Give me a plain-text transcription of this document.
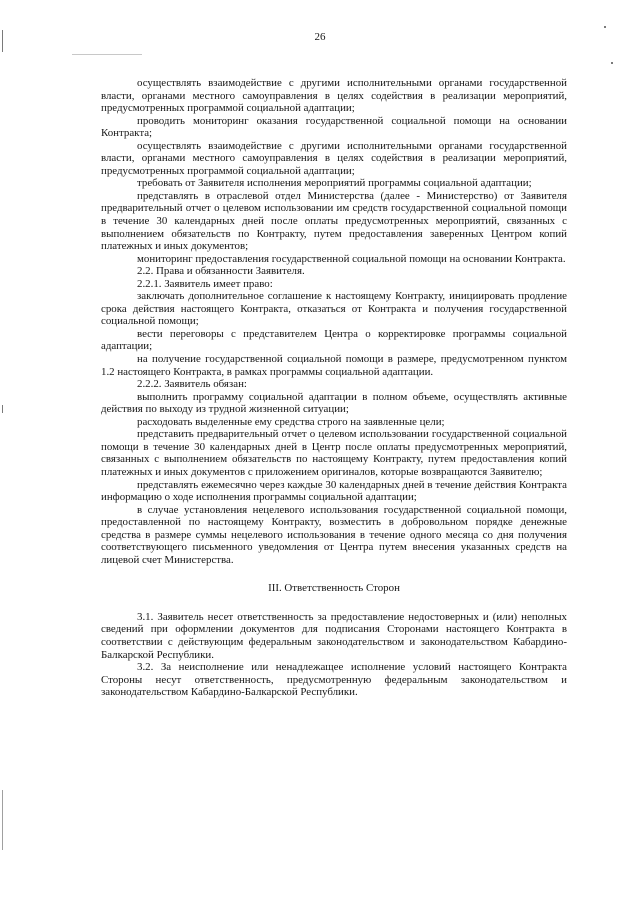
26

осуществлять взаимодействие с другими исполнительными органами государственной власти, органами местного самоуправления в целях содействия в реализации мероприятий, предусмотренных программой социальной адаптации;

проводить мониторинг оказания государственной социальной помощи на основании Контракта;

осуществлять взаимодействие с другими исполнительными органами государственной власти, органами местного самоуправления в целях содействия в реализации мероприятий, предусмотренных программой социальной адаптации;

требовать от Заявителя исполнения мероприятий программы социальной адаптации;

представлять в отраслевой отдел Министерства (далее - Министерство) от Заявителя предварительный отчет о целевом использовании им средств государственной социальной помощи в течение 30 календарных дней после оплаты предусмотренных мероприятий, связанных с выполнением обязательств по Контракту, путем предоставления заверенных Центром копий платежных и иных документов;

мониторинг предоставления государственной социальной помощи на основании Контракта.

2.2. Права и обязанности Заявителя.

2.2.1. Заявитель имеет право:

заключать дополнительное соглашение к настоящему Контракту, инициировать продление срока действия настоящего Контракта, отказаться от Контракта и получения государственной социальной помощи;

вести переговоры с представителем Центра о корректировке программы социальной адаптации;

на получение государственной социальной помощи в размере, предусмотренном пунктом 1.2 настоящего Контракта, в рамках программы социальной адаптации.

2.2.2. Заявитель обязан:

выполнить программу социальной адаптации в полном объеме, осуществлять активные действия по выходу из трудной жизненной ситуации;

расходовать выделенные ему средства строго на заявленные цели;

представить предварительный отчет о целевом использовании государственной социальной помощи в течение 30 календарных дней в Центр после оплаты предусмотренных мероприятий, связанных с выполнением обязательств по настоящему Контракту, путем предоставления копий платежных и иных документов с приложением оригиналов, которые возвращаются Заявителю;

представлять ежемесячно через каждые 30 календарных дней в течение действия Контракта информацию о ходе исполнения программы социальной адаптации;

в случае установления нецелевого использования государственной социальной помощи, предоставленной по настоящему Контракту, возместить в добровольном порядке денежные средства в размере суммы нецелевого использования в течение одного месяца со дня получения соответствующего письменного уведомления от Центра путем внесения указанных средств на лицевой счет Министерства.

III. Ответственность Сторон

3.1. Заявитель несет ответственность за предоставление недостоверных и (или) неполных сведений при оформлении документов для подписания Сторонами настоящего Контракта в соответствии с действующим федеральным законодательством и законодательством Кабардино-Балкарской Республики.

3.2. За неисполнение или ненадлежащее исполнение условий настоящего Контракта Стороны несут ответственность, предусмотренную федеральным законодательством и законодательством Кабардино-Балкарской Республики.
